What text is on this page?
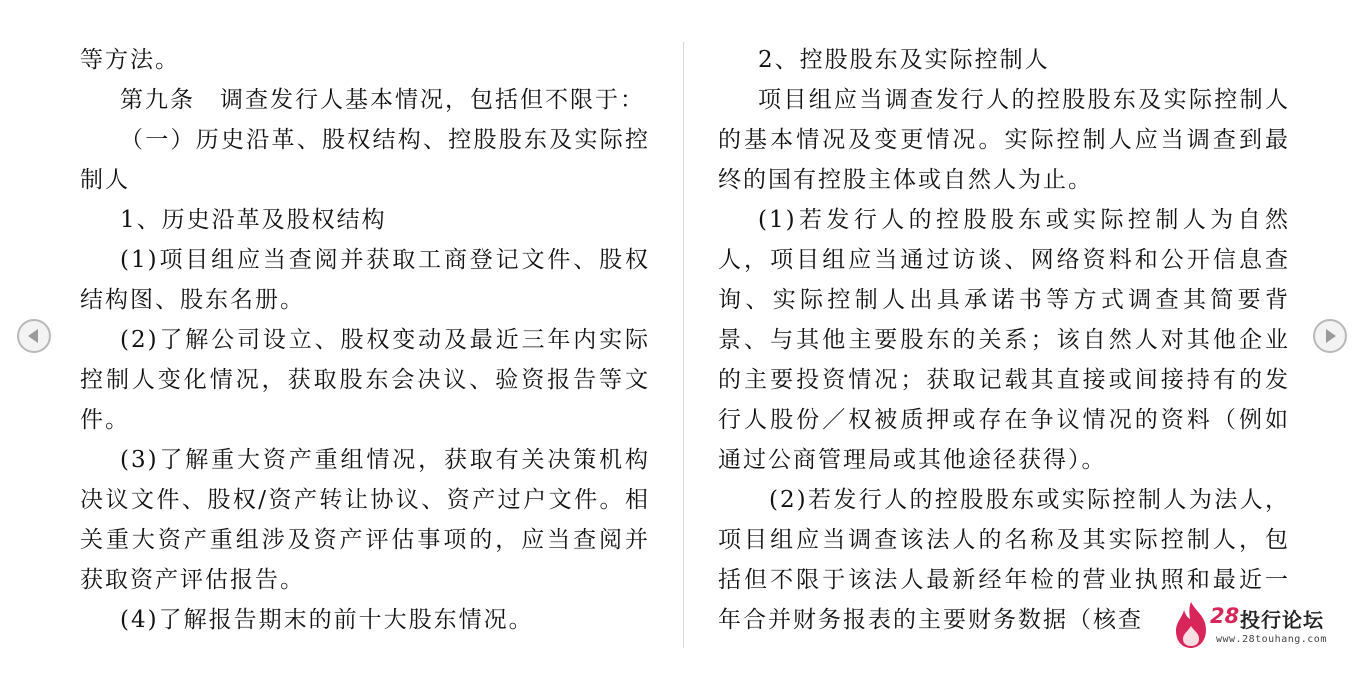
等方法。

第九条　调查发行人基本情况，包括但不限于：

（一）历史沿革、股权结构、控股股东及实际控制人

1、历史沿革及股权结构

(1)项目组应当查阅并获取工商登记文件、股权结构图、股东名册。

(2)了解公司设立、股权变动及最近三年内实际控制人变化情况，获取股东会决议、验资报告等文件。

(3)了解重大资产重组情况，获取有关决策机构决议文件、股权/资产转让协议、资产过户文件。相关重大资产重组涉及资产评估事项的，应当查阅并获取资产评估报告。

(4)了解报告期末的前十大股东情况。

2、控股股东及实际控制人

项目组应当调查发行人的控股股东及实际控制人的基本情况及变更情况。实际控制人应当调查到最终的国有控股主体或自然人为止。

(1)若发行人的控股股东或实际控制人为自然人，项目组应当通过访谈、网络资料和公开信息查询、实际控制人出具承诺书等方式调查其简要背景、与其他主要股东的关系；该自然人对其他企业的主要投资情况；获取记载其直接或间接持有的发行人股份／权被质押或存在争议情况的资料（例如通过公商管理局或其他途径获得）。

(2)若发行人的控股股东或实际控制人为法人，项目组应当调查该法人的名称及其实际控制人，包括但不限于该法人最新经年检的营业执照和最近一年合并财务报表的主要财务数据（核查	28 投行论坛
www.28touhang.com
